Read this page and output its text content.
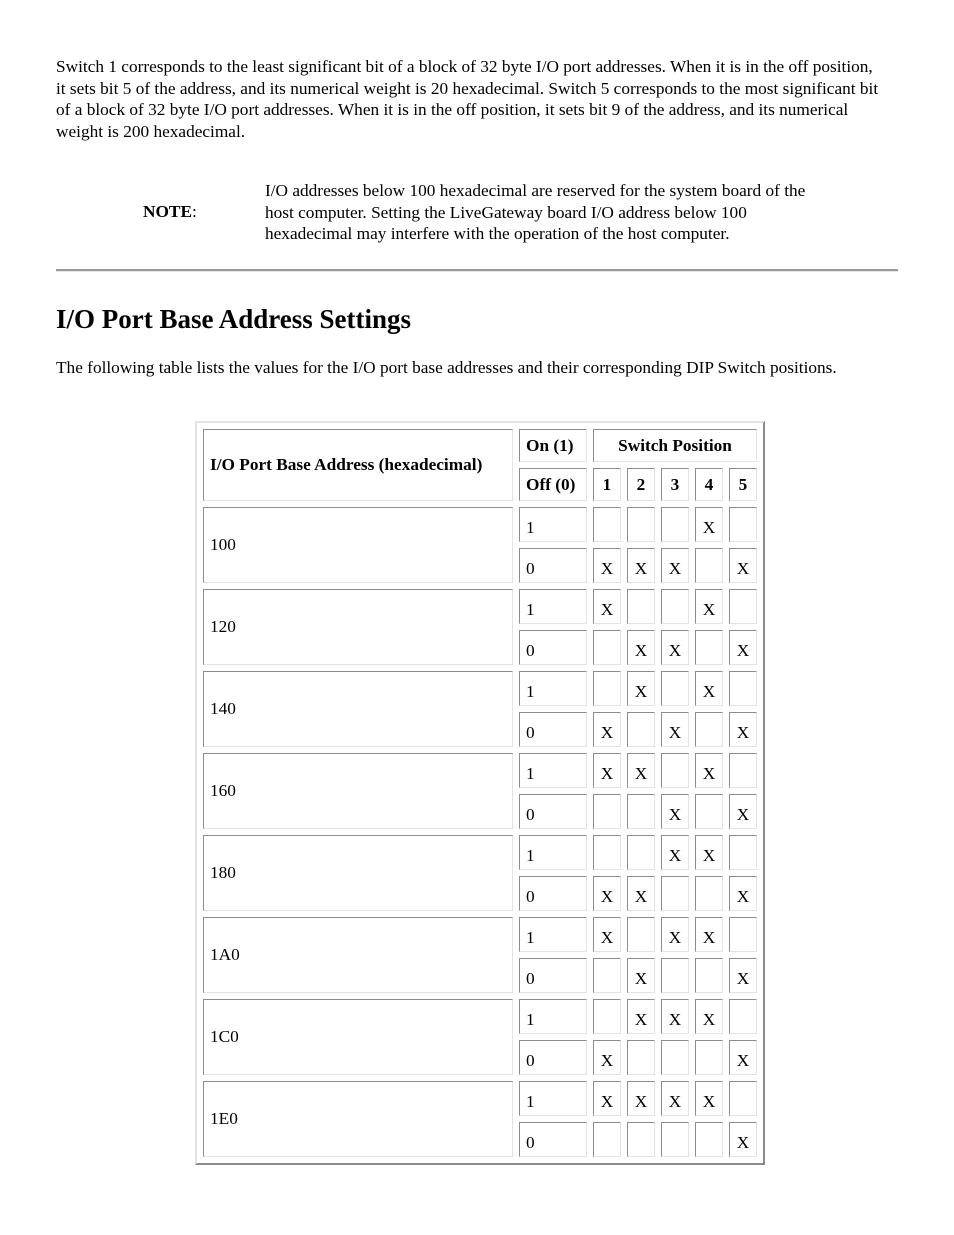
Switch 1 corresponds to the least significant bit of a block of 32 byte I/O port addresses. When it is in the off position, it sets bit 5 of the address, and its numerical weight is 20 hexadecimal. Switch 5 corresponds to the most significant bit of a block of 32 byte I/O port addresses. When it is in the off position, it sets bit 9 of the address, and its numerical weight is 200 hexadecimal.

NOTE:
I/O addresses below 100 hexadecimal are reserved for the system board of the host computer. Setting the LiveGateway board I/O address below 100 hexadecimal may interfere with the operation of the host computer.
I/O Port Base Address Settings

The following table lists the values for the I/O port base addresses and their corresponding DIP Switch positions.

I/O Port Base Address (hexadecimal)	On (1)	Switch Position				
	Off (0)	1	2	3	4	5
100	1				X	
	0	X	X	X		X
120	1	X			X	
	0		X	X		X
140	1		X		X	
	0	X		X		X
160	1	X	X		X	
	0			X		X
180	1			X	X	
	0	X	X			X
1A0	1	X		X	X	
	0		X			X
1C0	1		X	X	X	
	0	X				X
1E0	1	X	X	X	X	
	0					X
